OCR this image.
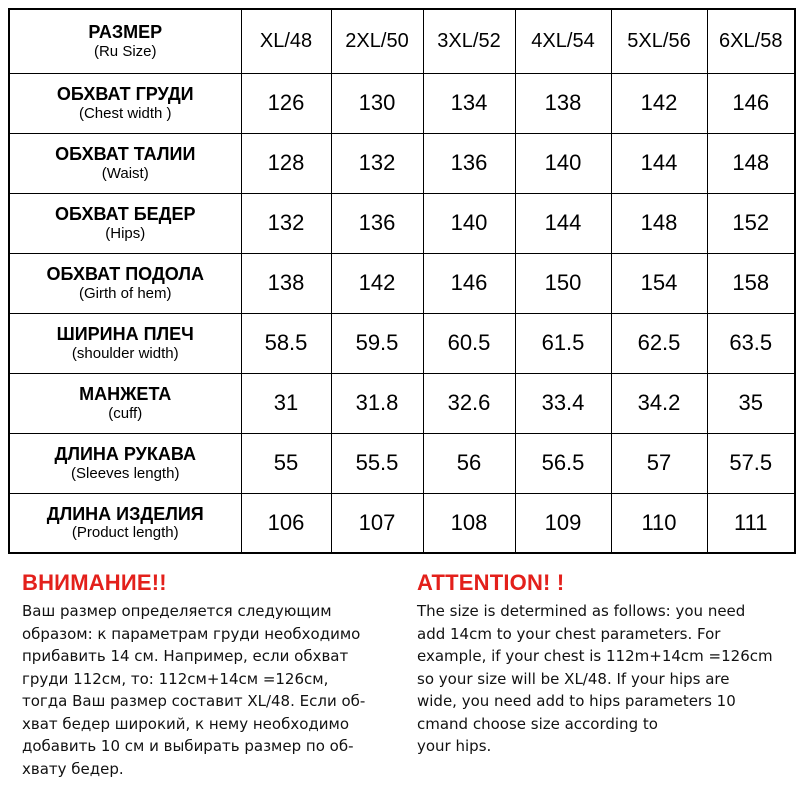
РАЗМЕР
(Ru Size)	XL/48	2XL/50	3XL/52	4XL/54	5XL/56	6XL/58

ОБХВАТ ГРУДИ
(Chest width )	126	130	134	138	142	146

ОБХВАТ ТАЛИИ
(Waist)	128	132	136	140	144	148

ОБХВАТ БЕДЕР
(Hips)	132	136	140	144	148	152

ОБХВАТ ПОДОЛА
(Girth of hem)	138	142	146	150	154	158

ШИРИНА ПЛЕЧ
(shoulder width)	58.5	59.5	60.5	61.5	62.5	63.5

МАНЖЕТА
(cuff)	31	31.8	32.6	33.4	34.2	35

ДЛИНА РУКАВА
(Sleeves length)	55	55.5	56	56.5	57	57.5

ДЛИНА ИЗДЕЛИЯ
(Product length)	106	107	108	109	110	111
ВНИМАНИЕ!!
Ваш размер определяется следующим
образом: к параметрам груди необходимо
прибавить 14 см. Например, если обхват
груди 112см, то: 112см+14см =126см,
тогда Ваш размер составит XL/48. Если об-
хват бедер широкий, к нему необходимо
добавить 10 см и выбирать размер по об-
хвату бедер.
ATTENTION! !
The size is determined as follows: you need
add 14cm to your chest parameters. For
example, if your chest is 112m+14cm =126cm
so your size will be XL/48. If your hips are
wide, you need add to hips parameters 10
cmand choose size according to
your hips.
